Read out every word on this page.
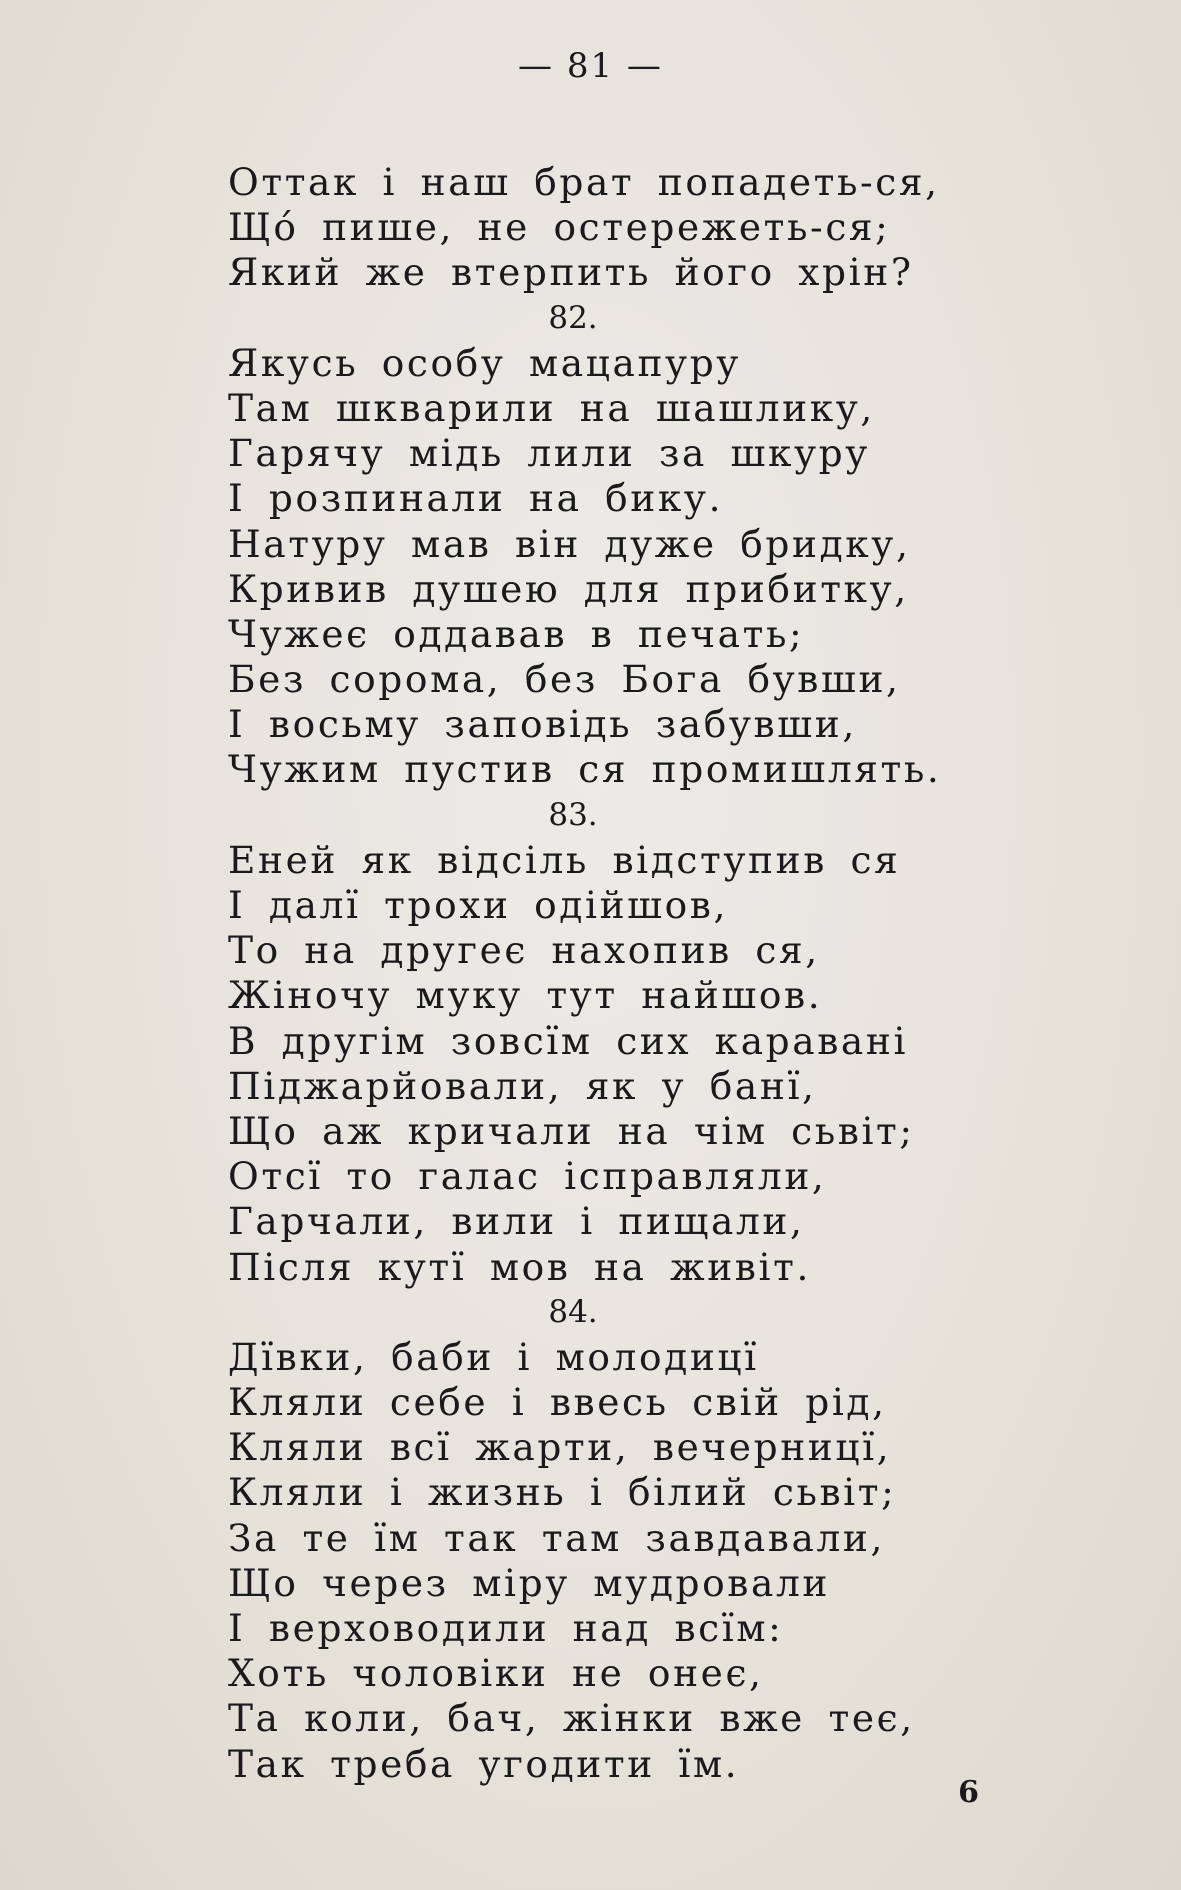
— 81 —
Оттак і наш брат попадеть-ся,
Що́ пише, не остережеть-ся;
Який же втерпить його хрін?
82.
Якусь особу мацапуру
Там шкварили на шашлику,
Гарячу мідь лили за шкуру
І розпинали на бику.
Натуру мав він дуже бридку,
Кривив душею для прибитку,
Чужеє оддавав в печать;
Без сорома, без Бога бувши,
І восьму заповідь забувши,
Чужим пустив ся промишлять.
83.
Еней як відсіль відступив ся
І далї трохи одійшов,
То на другеє нахопив ся,
Жіночу муку тут найшов.
В другім зовсїм сих каравані
Піджарйовали, як у банї,
Що аж кричали на чім сьвіт;
Отсї то галас ісправляли,
Гарчали, вили і пищали,
Після кутї мов на живіт.
84.
Дївки, баби і молодицї
Кляли себе і ввесь свій рід,
Кляли всї жарти, вечерницї,
Кляли і жизнь і білий сьвіт;
За те їм так там завдавали,
Що через міру мудровали
І верховодили над всїм:
Хоть чоловіки не онеє,
Та коли, бач, жінки вже теє,
Так треба угодити їм.
6
